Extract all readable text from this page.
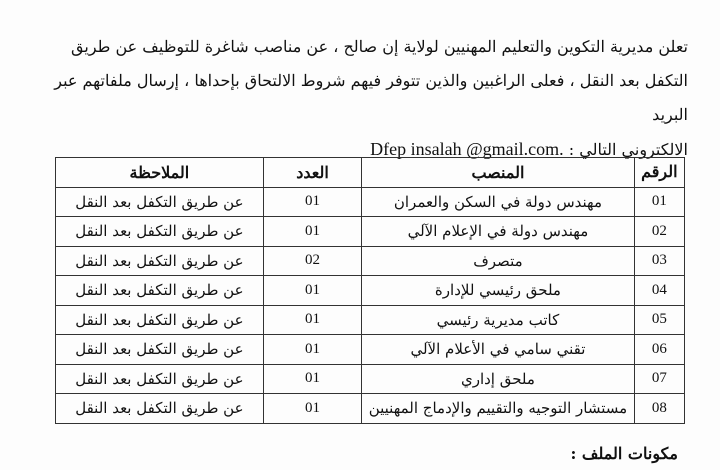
تعلن مديرية التكوين والتعليم المهنيين لولاية إن صالح ، عن مناصب شاغرة للتوظيف عن طريق

التكفل بعد النقل ، فعلى الراغبين والذين تتوفر فيهم شروط الالتحاق بإحداها ، إرسال ملفاتهم عبر البريد

الالكتروني التالي : Dfep insalah @gmail.com.

الرقم	المنصب	العدد	الملاحظة
01	مهندس دولة في السكن والعمران	01	عن طريق التكفل بعد النقل
02	مهندس دولة في الإعلام الآلي	01	عن طريق التكفل بعد النقل
03	متصرف	02	عن طريق التكفل بعد النقل
04	ملحق رئيسي للإدارة	01	عن طريق التكفل بعد النقل
05	كاتب مديرية رئيسي	01	عن طريق التكفل بعد النقل
06	تقني سامي في الأعلام الآلي	01	عن طريق التكفل بعد النقل
07	ملحق إداري	01	عن طريق التكفل بعد النقل
08	مستشار التوجيه والتقييم والإدماج المهنيين	01	عن طريق التكفل بعد النقل
مكونات الملف :
